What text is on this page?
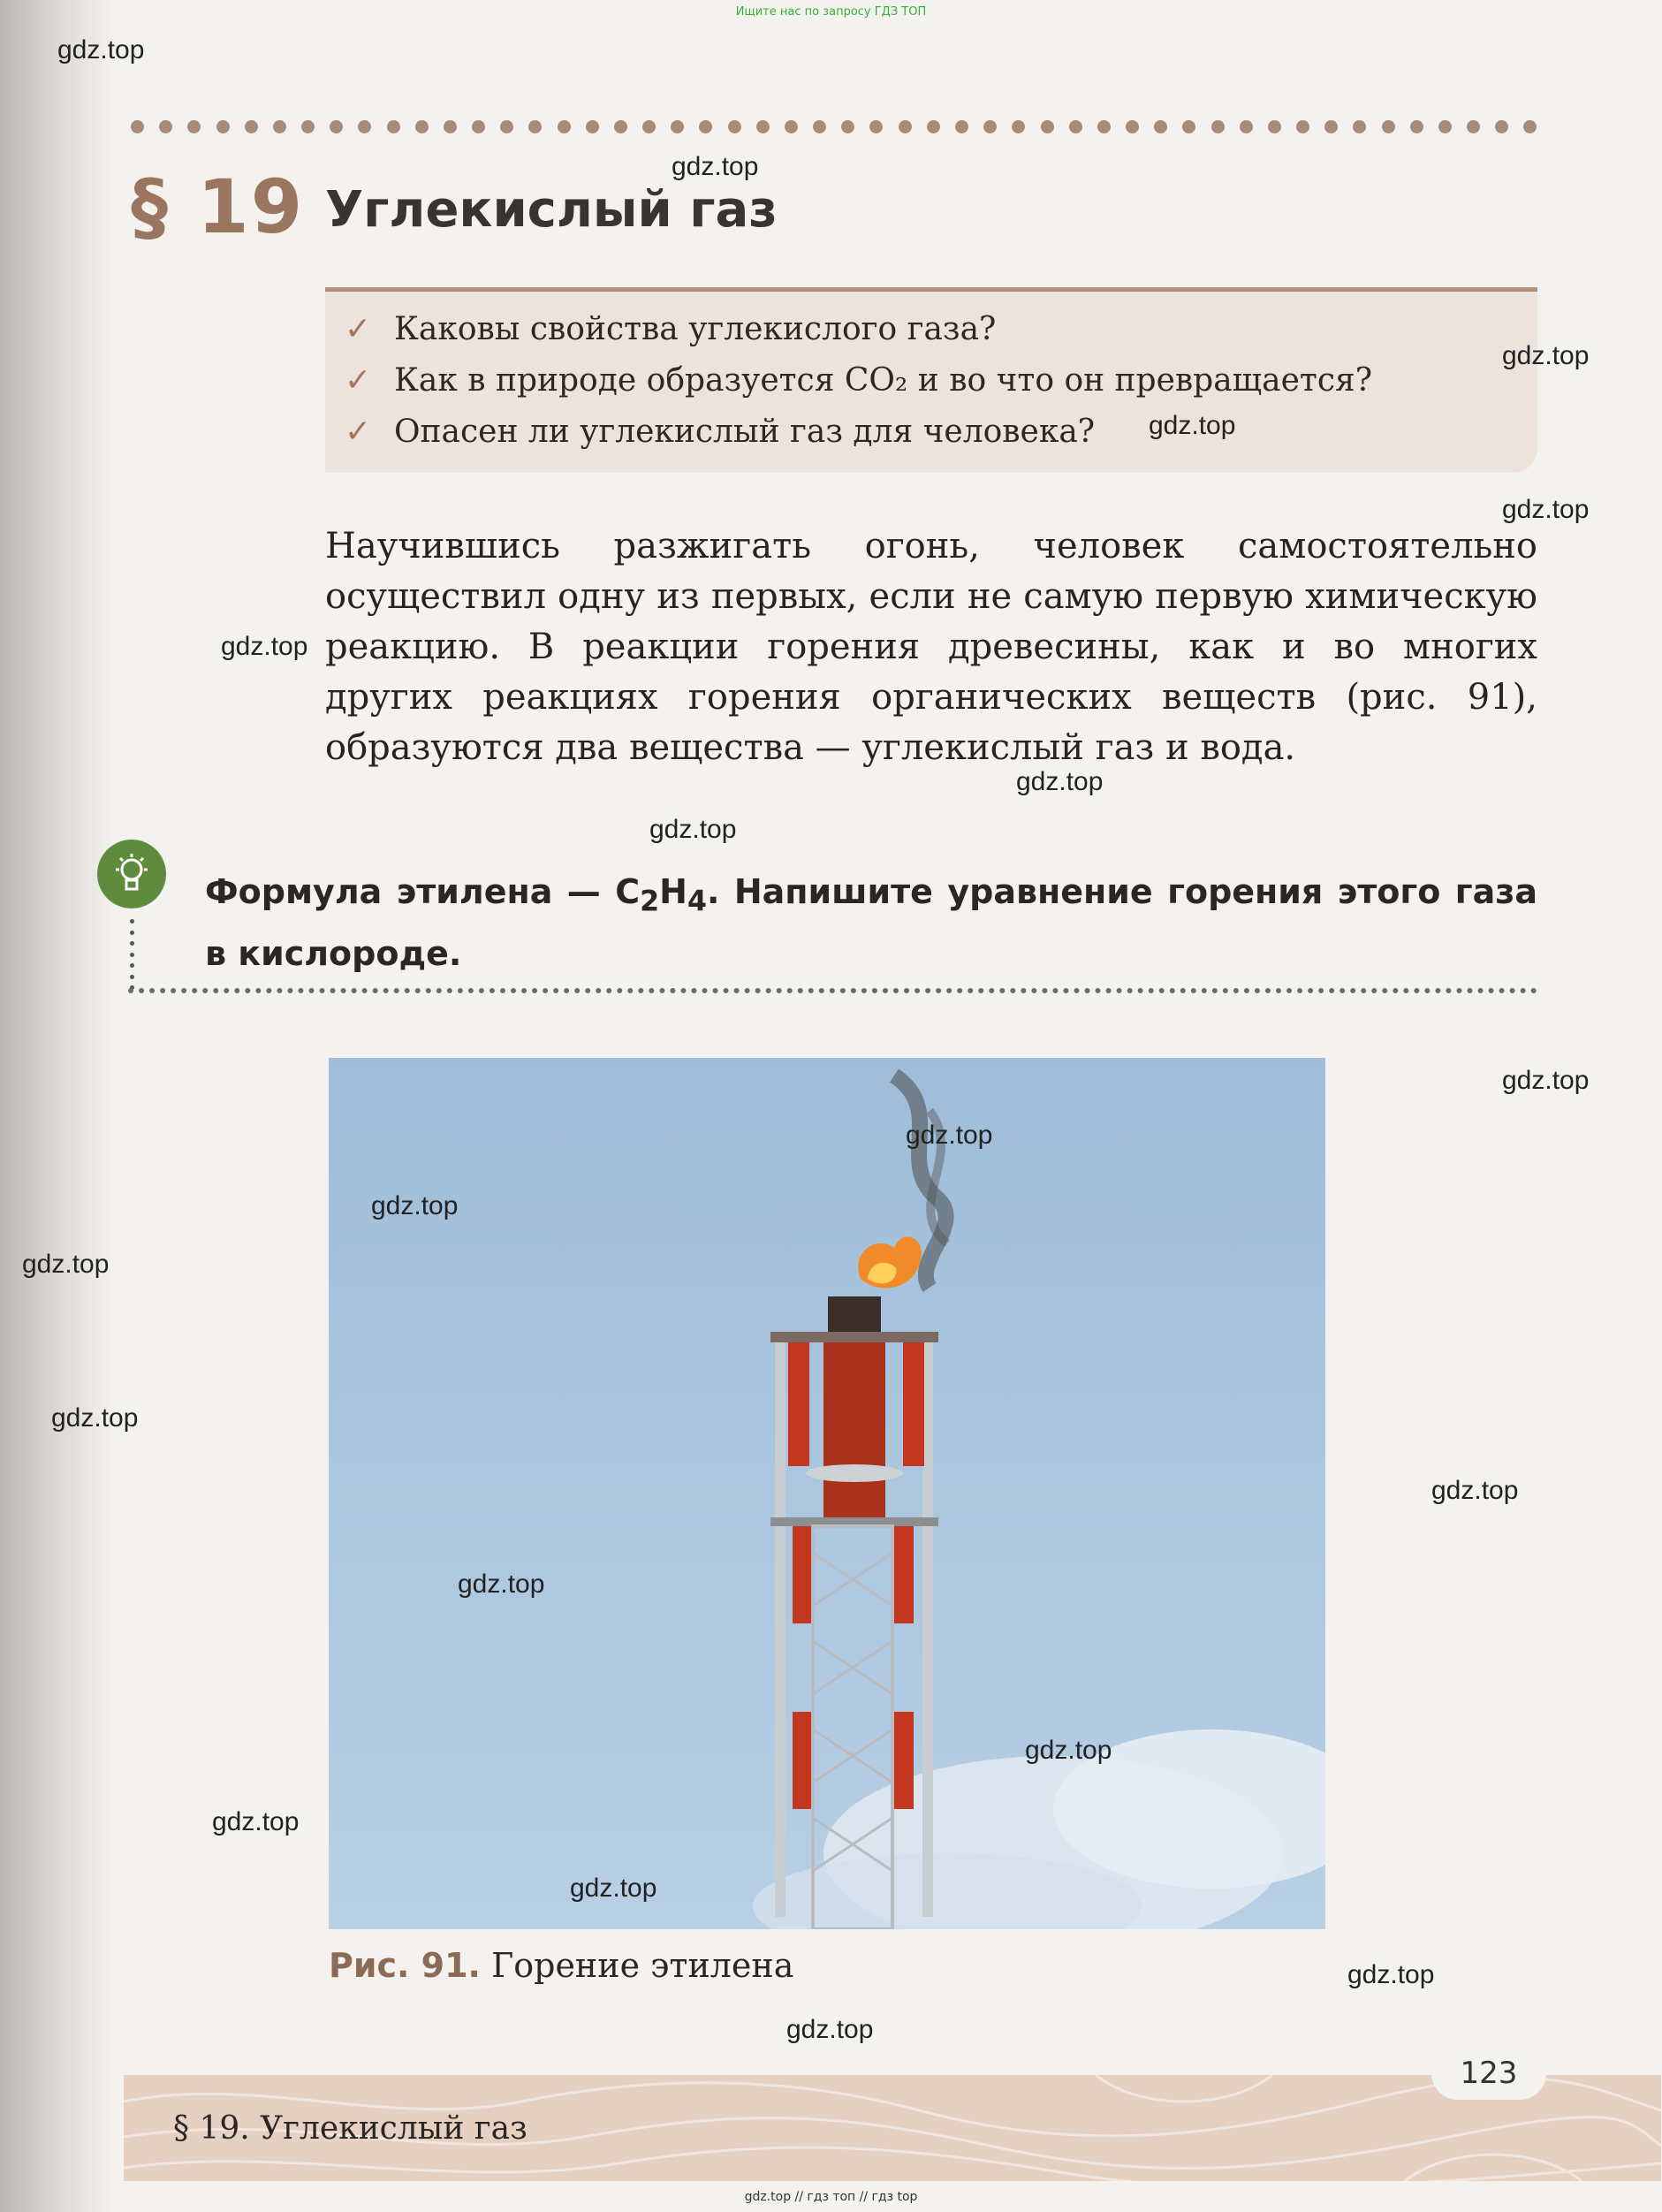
Ищите нас по запросу ГДЗ ТОП
§ 19 Углекислый газ
✓ Каковы свойства углекислого газа?
✓ Как в природе образуется CO₂ и во что он превращается?
✓ Опасен ли углекислый газ для человека?
Научившись разжигать огонь, человек самостоятельно осуществил одну из первых, если не самую первую химическую реакцию. В реакции горения древесины, как и во многих других реакциях горения органических веществ (рис. 91), образуются два вещества — углекислый газ и вода.
Формула этилена — $C_2H_4$. Напишите уравнение горения этого газа в кислороде.
Рис. 91. Горение этилена
§ 19. Углекислый газ
123
gdz.top // гдз топ // гдз top
gdz.top
gdz.top
gdz.top
gdz.top
gdz.top
gdz.top
gdz.top
gdz.top
gdz.top
gdz.top
gdz.top
gdz.top
gdz.top
gdz.top
gdz.top
gdz.top
gdz.top
gdz.top
gdz.top
gdz.top
